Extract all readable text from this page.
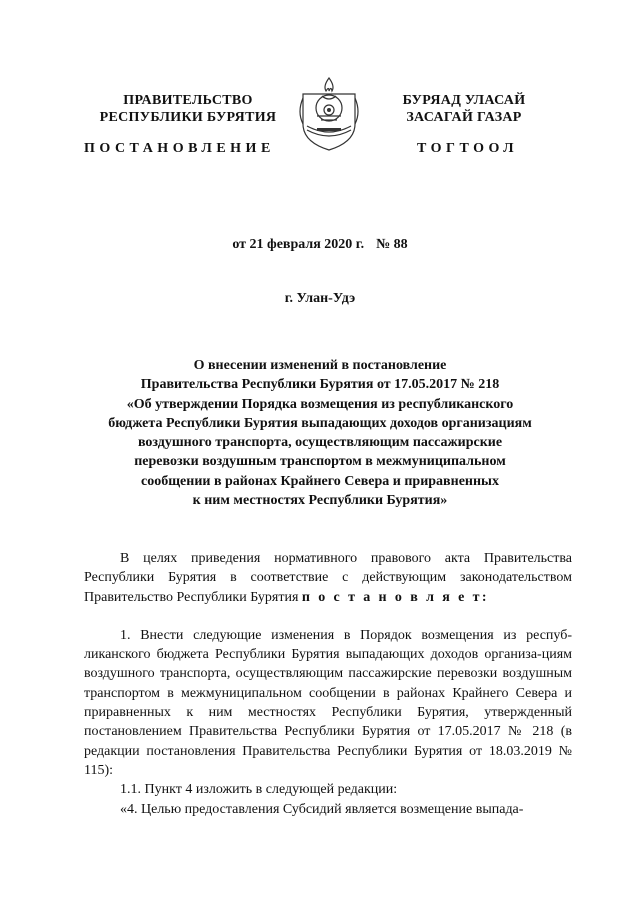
ПРАВИТЕЛЬСТВО
РЕСПУБЛИКИ БУРЯТИЯ
БУРЯАД УЛАСАЙ
ЗАСАГАЙ ГАЗАР
ПОСТАНОВЛЕНИЕ	ТОГТООЛ
от 21 февраля 2020 г. № 88
г. Улан-Удэ
О внесении изменений в постановление
Правительства Республики Бурятия от 17.05.2017 № 218
«Об утверждении Порядка возмещения из республиканского
бюджета Республики Бурятия выпадающих доходов организациям
воздушного транспорта, осуществляющим пассажирские
перевозки воздушным транспортом в межмуниципальном
сообщении в районах Крайнего Севера и приравненных
к ним местностях Республики Бурятия»

В целях приведения нормативного правового акта Правительства Республики Бурятия в соответствие с действующим законодательством Правительство Республики Бурятия п о с т а н о в л я е т:

1. Внести следующие изменения в Порядок возмещения из респуб-ликанского бюджета Республики Бурятия выпадающих доходов организа-циям воздушного транспорта, осуществляющим пассажирские перевозки воздушным транспортом в межмуниципальном сообщении в районах Крайнего Севера и приравненных к ним местностях Республики Бурятия, утвержденный постановлением Правительства Республики Бурятия от 17.05.2017 № 218 (в редакции постановления Правительства Республики Бурятия от 18.03.2019 № 115):

1.1. Пункт 4 изложить в следующей редакции:

«4. Целью предоставления Субсидий является возмещение выпада-
